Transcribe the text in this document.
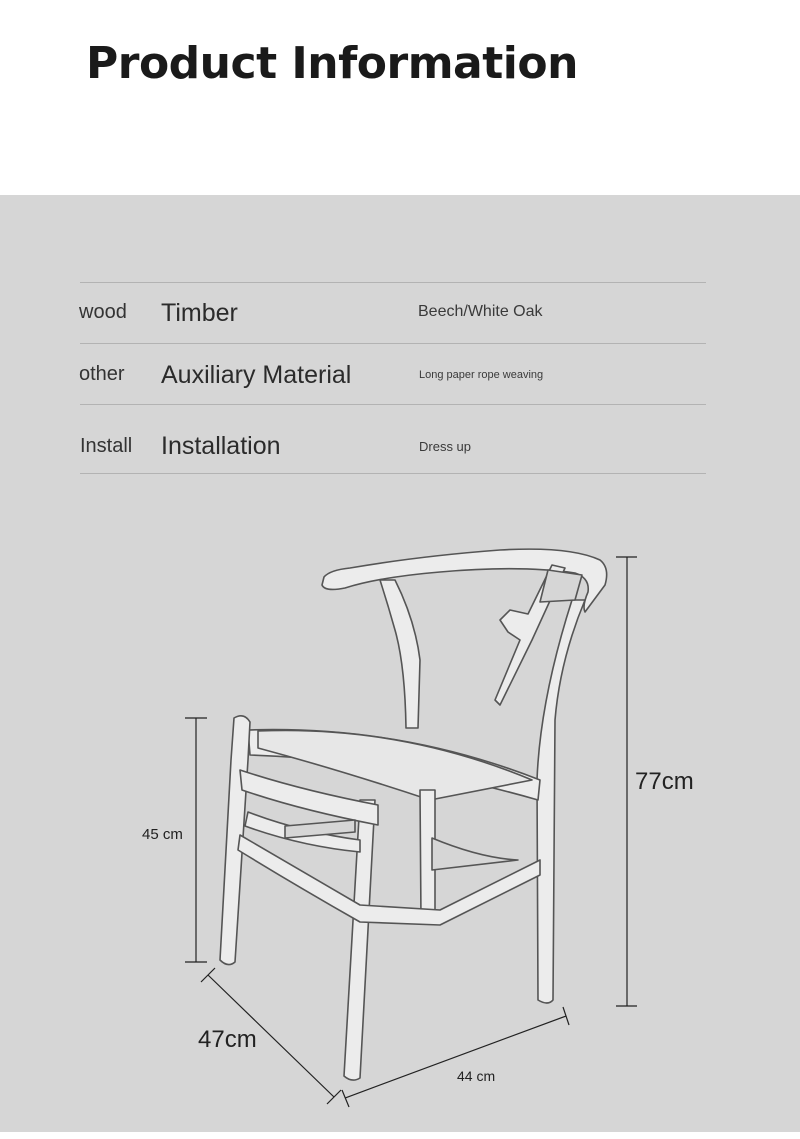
Product Information
wood Timber	Beech/White Oak
other Auxiliary Material	Long paper rope weaving
Install Installation	Dress up
77cm
45 cm
47cm
44 cm
